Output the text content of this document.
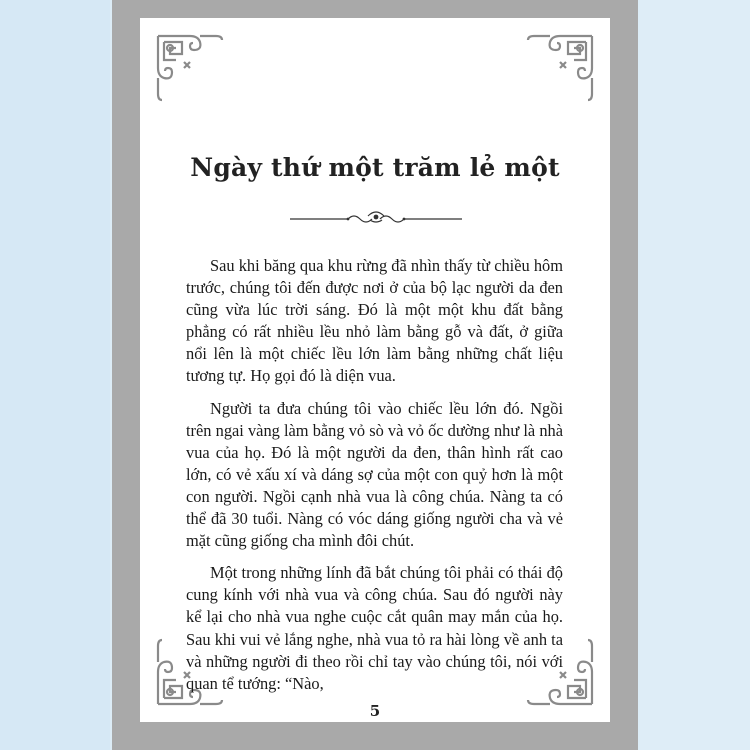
Ngày thứ một trăm lẻ một

Sau khi băng qua khu rừng đã nhìn thấy từ chiều hôm trước, chúng tôi đến được nơi ở của bộ lạc người da đen cũng vừa lúc trời sáng. Đó là một một khu đất bằng phẳng có rất nhiều lều nhỏ làm bằng gỗ và đất, ở giữa nổi lên là một chiếc lều lớn làm bằng những chất liệu tương tự. Họ gọi đó là diện vua.

Người ta đưa chúng tôi vào chiếc lều lớn đó. Ngồi trên ngai vàng làm bằng vỏ sò và vỏ ốc dường như là nhà vua của họ. Đó là một người da đen, thân hình rất cao lớn, có vẻ xấu xí và dáng sợ của một con quỷ hơn là một con người. Ngồi cạnh nhà vua là công chúa. Nàng ta có thể đã 30 tuổi. Nàng có vóc dáng giống người cha và vẻ mặt cũng giống cha mình đôi chút.

Một trong những lính đã bắt chúng tôi phải có thái độ cung kính với nhà vua và công chúa. Sau đó người này kể lại cho nhà vua nghe cuộc cắt quân may mắn của họ. Sau khi vui vẻ lắng nghe, nhà vua tỏ ra hài lòng về anh ta và những người đi theo rồi chỉ tay vào chúng tôi, nói với quan tể tướng: “Nào,

5
